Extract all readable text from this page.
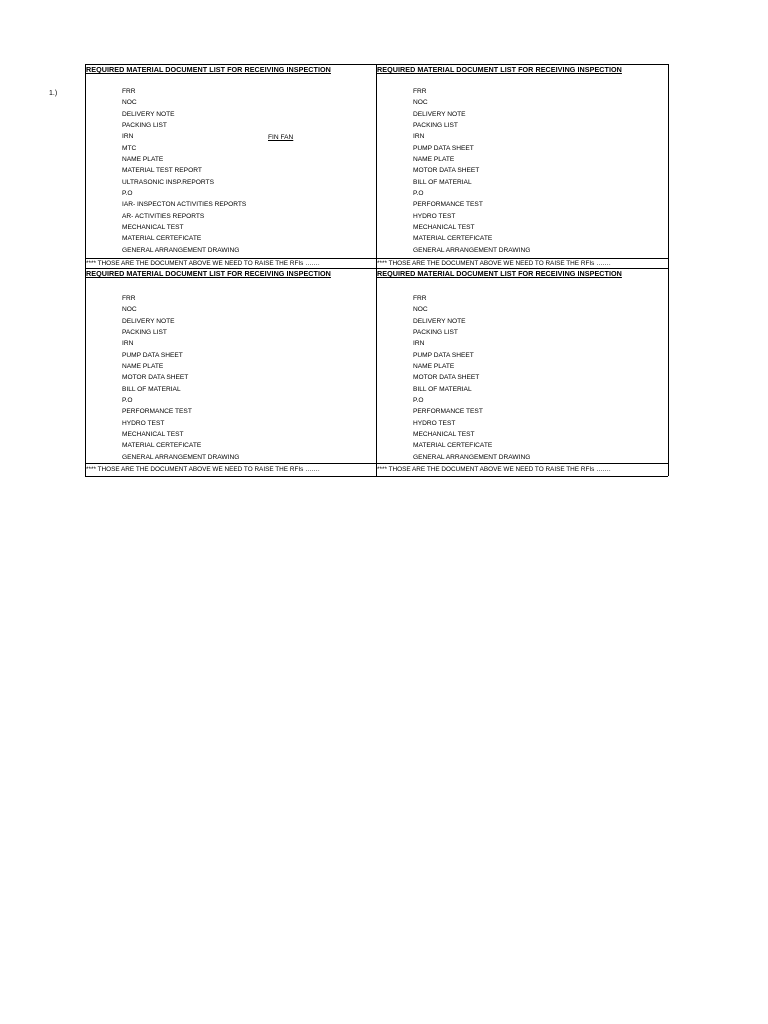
1.)
REQUIRED MATERIAL DOCUMENT LIST FOR RECEIVING INSPECTION
FRR
NOC
DELIVERY NOTE
PACKING LIST
IRN
MTC
NAME PLATE
MATERIAL TEST REPORT
ULTRASONIC INSP.REPORTS
P.O
IAR- INSPECTON ACTIVITIES REPORTS
AR- ACTIVITIES REPORTS
MECHANICAL TEST
MATERIAL CERTEFICATE
GENERAL ARRANGEMENT DRAWING
FIN FAN
**** THOSE ARE THE DOCUMENT ABOVE WE NEED TO RAISE THE RFIs …….
REQUIRED MATERIAL DOCUMENT LIST FOR RECEIVING INSPECTION
FRR
NOC
DELIVERY NOTE
PACKING LIST
IRN
PUMP DATA SHEET
NAME PLATE
MOTOR DATA SHEET
BILL OF MATERIAL
P.O
PERFORMANCE TEST
HYDRO TEST
MECHANICAL TEST
MATERIAL CERTEFICATE
GENERAL ARRANGEMENT DRAWING
**** THOSE ARE THE DOCUMENT ABOVE WE NEED TO RAISE THE RFIs …….
REQUIRED MATERIAL DOCUMENT LIST FOR RECEIVING INSPECTION
FRR
NOC
DELIVERY NOTE
PACKING LIST
IRN
PUMP DATA SHEET
NAME PLATE
MOTOR DATA SHEET
BILL OF MATERIAL
P.O
PERFORMANCE TEST
HYDRO TEST
MECHANICAL TEST
MATERIAL CERTEFICATE
GENERAL ARRANGEMENT DRAWING
**** THOSE ARE THE DOCUMENT ABOVE WE NEED TO RAISE THE RFIs …….
REQUIRED MATERIAL DOCUMENT LIST FOR RECEIVING INSPECTION
FRR
NOC
DELIVERY NOTE
PACKING LIST
IRN
PUMP DATA SHEET
NAME PLATE
MOTOR DATA SHEET
BILL OF MATERIAL
P.O
PERFORMANCE TEST
HYDRO TEST
MECHANICAL TEST
MATERIAL CERTEFICATE
GENERAL ARRANGEMENT DRAWING
**** THOSE ARE THE DOCUMENT ABOVE WE NEED TO RAISE THE RFIs …….
